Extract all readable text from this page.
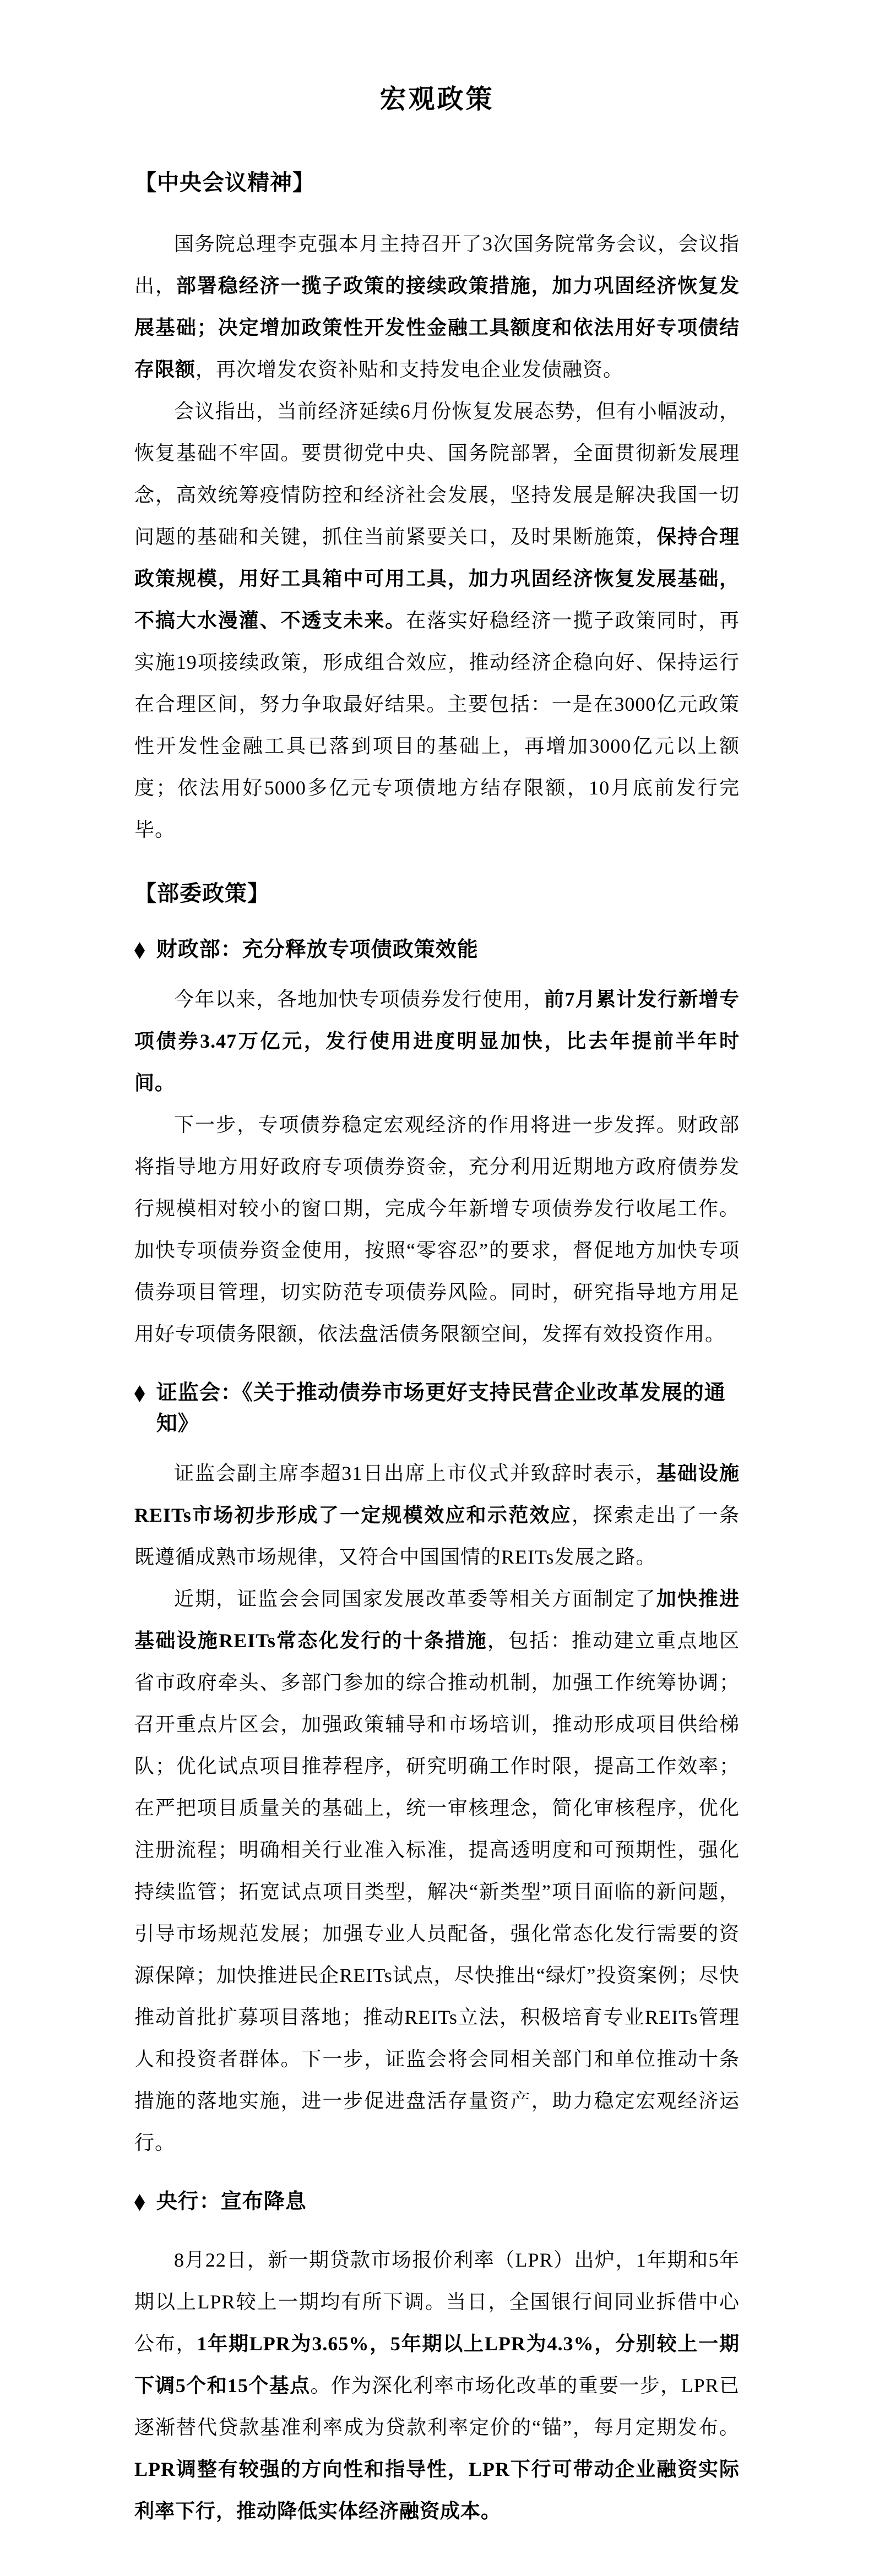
宏观政策
【中央会议精神】

国务院总理李克强本月主持召开了3次国务院常务会议，会议指出，部署稳经济一揽子政策的接续政策措施，加力巩固经济恢复发展基础；决定增加政策性开发性金融工具额度和依法用好专项债结存限额，再次增发农资补贴和支持发电企业发债融资。

会议指出，当前经济延续6月份恢复发展态势，但有小幅波动，恢复基础不牢固。要贯彻党中央、国务院部署，全面贯彻新发展理念，高效统筹疫情防控和经济社会发展，坚持发展是解决我国一切问题的基础和关键，抓住当前紧要关口，及时果断施策，保持合理政策规模，用好工具箱中可用工具，加力巩固经济恢复发展基础，不搞大水漫灌、不透支未来。在落实好稳经济一揽子政策同时，再实施19项接续政策，形成组合效应，推动经济企稳向好、保持运行在合理区间，努力争取最好结果。主要包括：一是在3000亿元政策性开发性金融工具已落到项目的基础上，再增加3000亿元以上额度；依法用好5000多亿元专项债地方结存限额，10月底前发行完毕。

【部委政策】
◆ 财政部：充分释放专项债政策效能

今年以来，各地加快专项债券发行使用，前7月累计发行新增专项债券3.47万亿元，发行使用进度明显加快，比去年提前半年时间。

下一步，专项债券稳定宏观经济的作用将进一步发挥。财政部将指导地方用好政府专项债券资金，充分利用近期地方政府债券发行规模相对较小的窗口期，完成今年新增专项债券发行收尾工作。加快专项债券资金使用，按照“零容忍”的要求，督促地方加快专项债券项目管理，切实防范专项债券风险。同时，研究指导地方用足用好专项债务限额，依法盘活债务限额空间，发挥有效投资作用。

◆ 证监会：《关于推动债券市场更好支持民营企业改革发展的通知》

证监会副主席李超31日出席上市仪式并致辞时表示，基础设施REITs市场初步形成了一定规模效应和示范效应，探索走出了一条既遵循成熟市场规律，又符合中国国情的REITs发展之路。

近期，证监会会同国家发展改革委等相关方面制定了加快推进基础设施REITs常态化发行的十条措施，包括：推动建立重点地区省市政府牵头、多部门参加的综合推动机制，加强工作统筹协调；召开重点片区会，加强政策辅导和市场培训，推动形成项目供给梯队；优化试点项目推荐程序，研究明确工作时限，提高工作效率；在严把项目质量关的基础上，统一审核理念，简化审核程序，优化注册流程；明确相关行业准入标准，提高透明度和可预期性，强化持续监管；拓宽试点项目类型，解决“新类型”项目面临的新问题，引导市场规范发展；加强专业人员配备，强化常态化发行需要的资源保障；加快推进民企REITs试点，尽快推出“绿灯”投资案例；尽快推动首批扩募项目落地；推动REITs立法，积极培育专业REITs管理人和投资者群体。下一步，证监会将会同相关部门和单位推动十条措施的落地实施，进一步促进盘活存量资产，助力稳定宏观经济运行。

◆ 央行：宣布降息

8月22日，新一期贷款市场报价利率（LPR）出炉，1年期和5年期以上LPR较上一期均有所下调。当日，全国银行间同业拆借中心公布，1年期LPR为3.65%，5年期以上LPR为4.3%，分别较上一期下调5个和15个基点。作为深化利率市场化改革的重要一步，LPR已逐渐替代贷款基准利率成为贷款利率定价的“锚”，每月定期发布。LPR调整有较强的方向性和指导性，LPR下行可带动企业融资实际利率下行，推动降低实体经济融资成本。
